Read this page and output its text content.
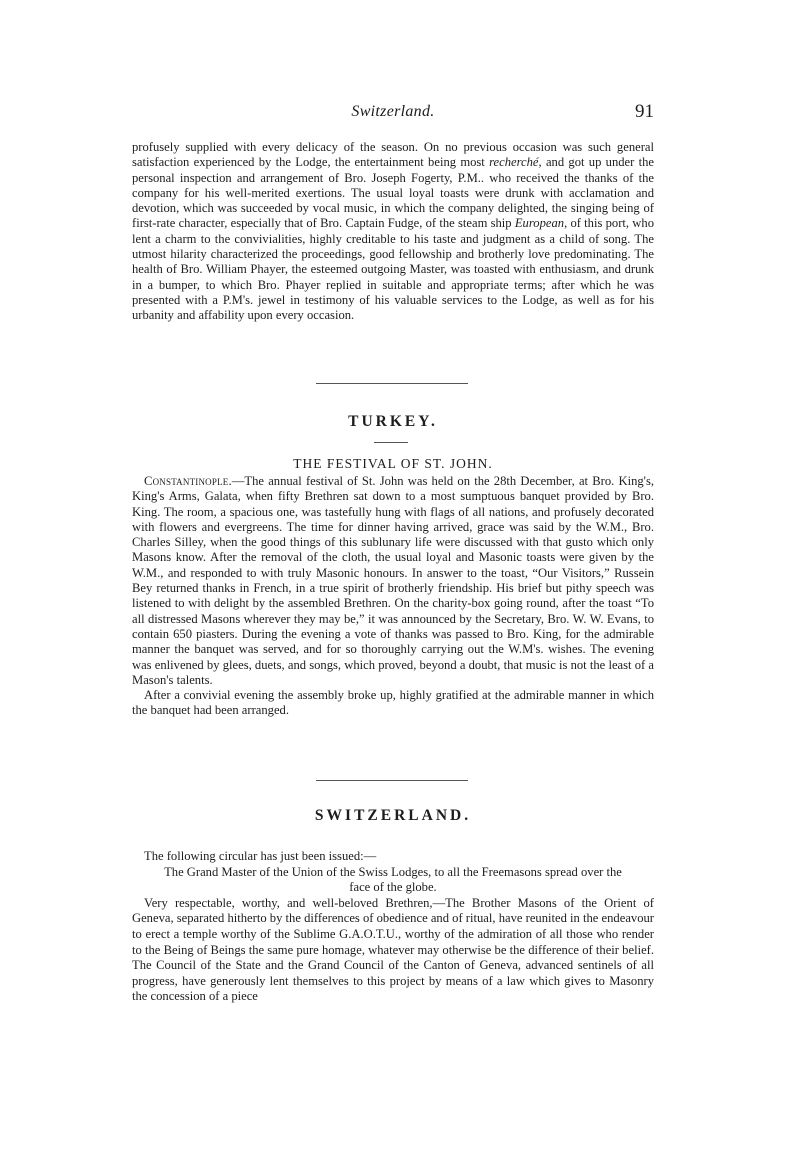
Switzerland.	91

profusely supplied with every delicacy of the season. On no previous occasion was such general satisfaction experienced by the Lodge, the entertainment being most recherché, and got up under the personal inspection and arrangement of Bro. Joseph Fogerty, P.M.. who received the thanks of the company for his well-merited exertions. The usual loyal toasts were drunk with acclamation and devotion, which was succeeded by vocal music, in which the company delighted, the singing being of first-rate character, especially that of Bro. Captain Fudge, of the steam ship European, of this port, who lent a charm to the convivialities, highly creditable to his taste and judgment as a child of song. The utmost hilarity characterized the proceedings, good fellowship and brotherly love predominating. The health of Bro. William Phayer, the esteemed outgoing Master, was toasted with enthusiasm, and drunk in a bumper, to which Bro. Phayer replied in suitable and appropriate terms; after which he was presented with a P.M's. jewel in testimony of his valuable services to the Lodge, as well as for his urbanity and affability upon every occasion.

TURKEY.
THE FESTIVAL OF ST. JOHN.

Constantinople.—The annual festival of St. John was held on the 28th December, at Bro. King's, King's Arms, Galata, when fifty Brethren sat down to a most sumptuous banquet provided by Bro. King. The room, a spacious one, was tastefully hung with flags of all nations, and profusely decorated with flowers and evergreens. The time for dinner having arrived, grace was said by the W.M., Bro. Charles Silley, when the good things of this sublunary life were discussed with that gusto which only Masons know. After the removal of the cloth, the usual loyal and Masonic toasts were given by the W.M., and responded to with truly Masonic honours. In answer to the toast, “Our Visitors,” Russein Bey returned thanks in French, in a true spirit of brotherly friendship. His brief but pithy speech was listened to with delight by the assembled Brethren. On the charity-box going round, after the toast “To all distressed Masons wherever they may be,” it was announced by the Secretary, Bro. W. W. Evans, to contain 650 piasters. During the evening a vote of thanks was passed to Bro. King, for the admirable manner the banquet was served, and for so thoroughly carrying out the W.M's. wishes. The evening was enlivened by glees, duets, and songs, which proved, beyond a doubt, that music is not the least of a Mason's talents.

After a convivial evening the assembly broke up, highly gratified at the admirable manner in which the banquet had been arranged.

SWITZERLAND.

The following circular has just been issued:—

The Grand Master of the Union of the Swiss Lodges, to all the Freemasons spread over the face of the globe.

Very respectable, worthy, and well-beloved Brethren,—The Brother Masons of the Orient of Geneva, separated hitherto by the differences of obedience and of ritual, have reunited in the endeavour to erect a temple worthy of the Sublime G.A.O.T.U., worthy of the admiration of all those who render to the Being of Beings the same pure homage, whatever may otherwise be the difference of their belief. The Council of the State and the Grand Council of the Canton of Geneva, advanced sentinels of all progress, have generously lent themselves to this project by means of a law which gives to Masonry the concession of a piece
